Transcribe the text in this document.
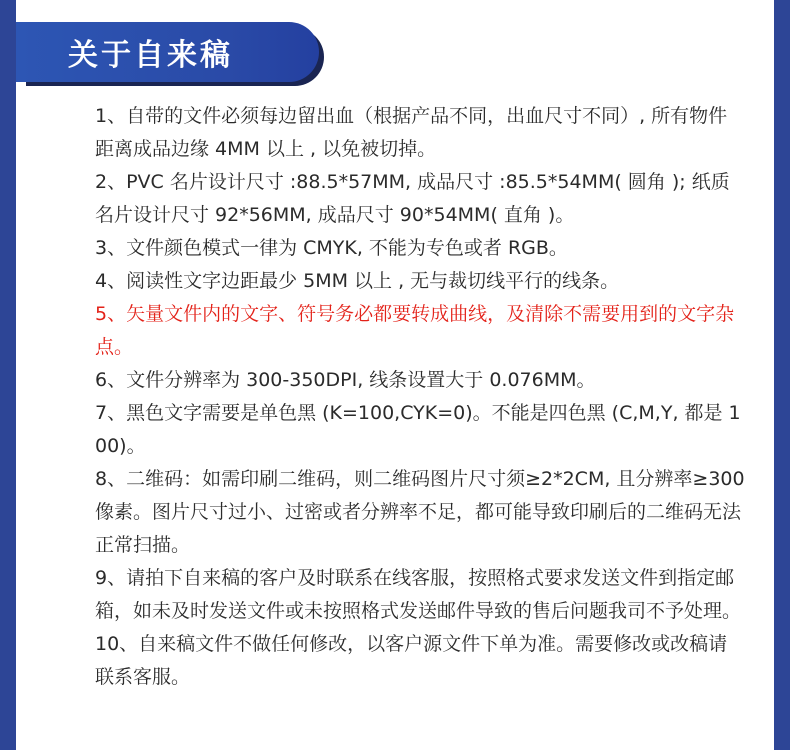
关于自来稿

1、自带的文件必须每边留出血（根据产品不同，出血尺寸不同）, 所有物件距离成品边缘 4MM 以上 , 以免被切掉。

2、PVC 名片设计尺寸 :88.5*57MM, 成品尺寸 :85.5*54MM( 圆角 ); 纸质名片设计尺寸 92*56MM, 成品尺寸 90*54MM( 直角 )。

3、文件颜色模式一律为 CMYK, 不能为专色或者 RGB。

4、阅读性文字边距最少 5MM 以上 , 无与裁切线平行的线条。

5、矢量文件内的文字、符号务必都要转成曲线，及清除不需要用到的文字杂点。

6、文件分辨率为 300-350DPI, 线条设置大于 0.076MM。

7、黑色文字需要是单色黑 (K=100,CYK=0)。不能是四色黑 (C,M,Y, 都是 100)。

8、二维码：如需印刷二维码，则二维码图片尺寸须≥2*2CM, 且分辨率≥300 像素。图片尺寸过小、过密或者分辨率不足，都可能导致印刷后的二维码无法正常扫描。

9、请拍下自来稿的客户及时联系在线客服，按照格式要求发送文件到指定邮箱，如未及时发送文件或未按照格式发送邮件导致的售后问题我司不予处理。

10、自来稿文件不做任何修改，以客户源文件下单为准。需要修改或改稿请联系客服。
